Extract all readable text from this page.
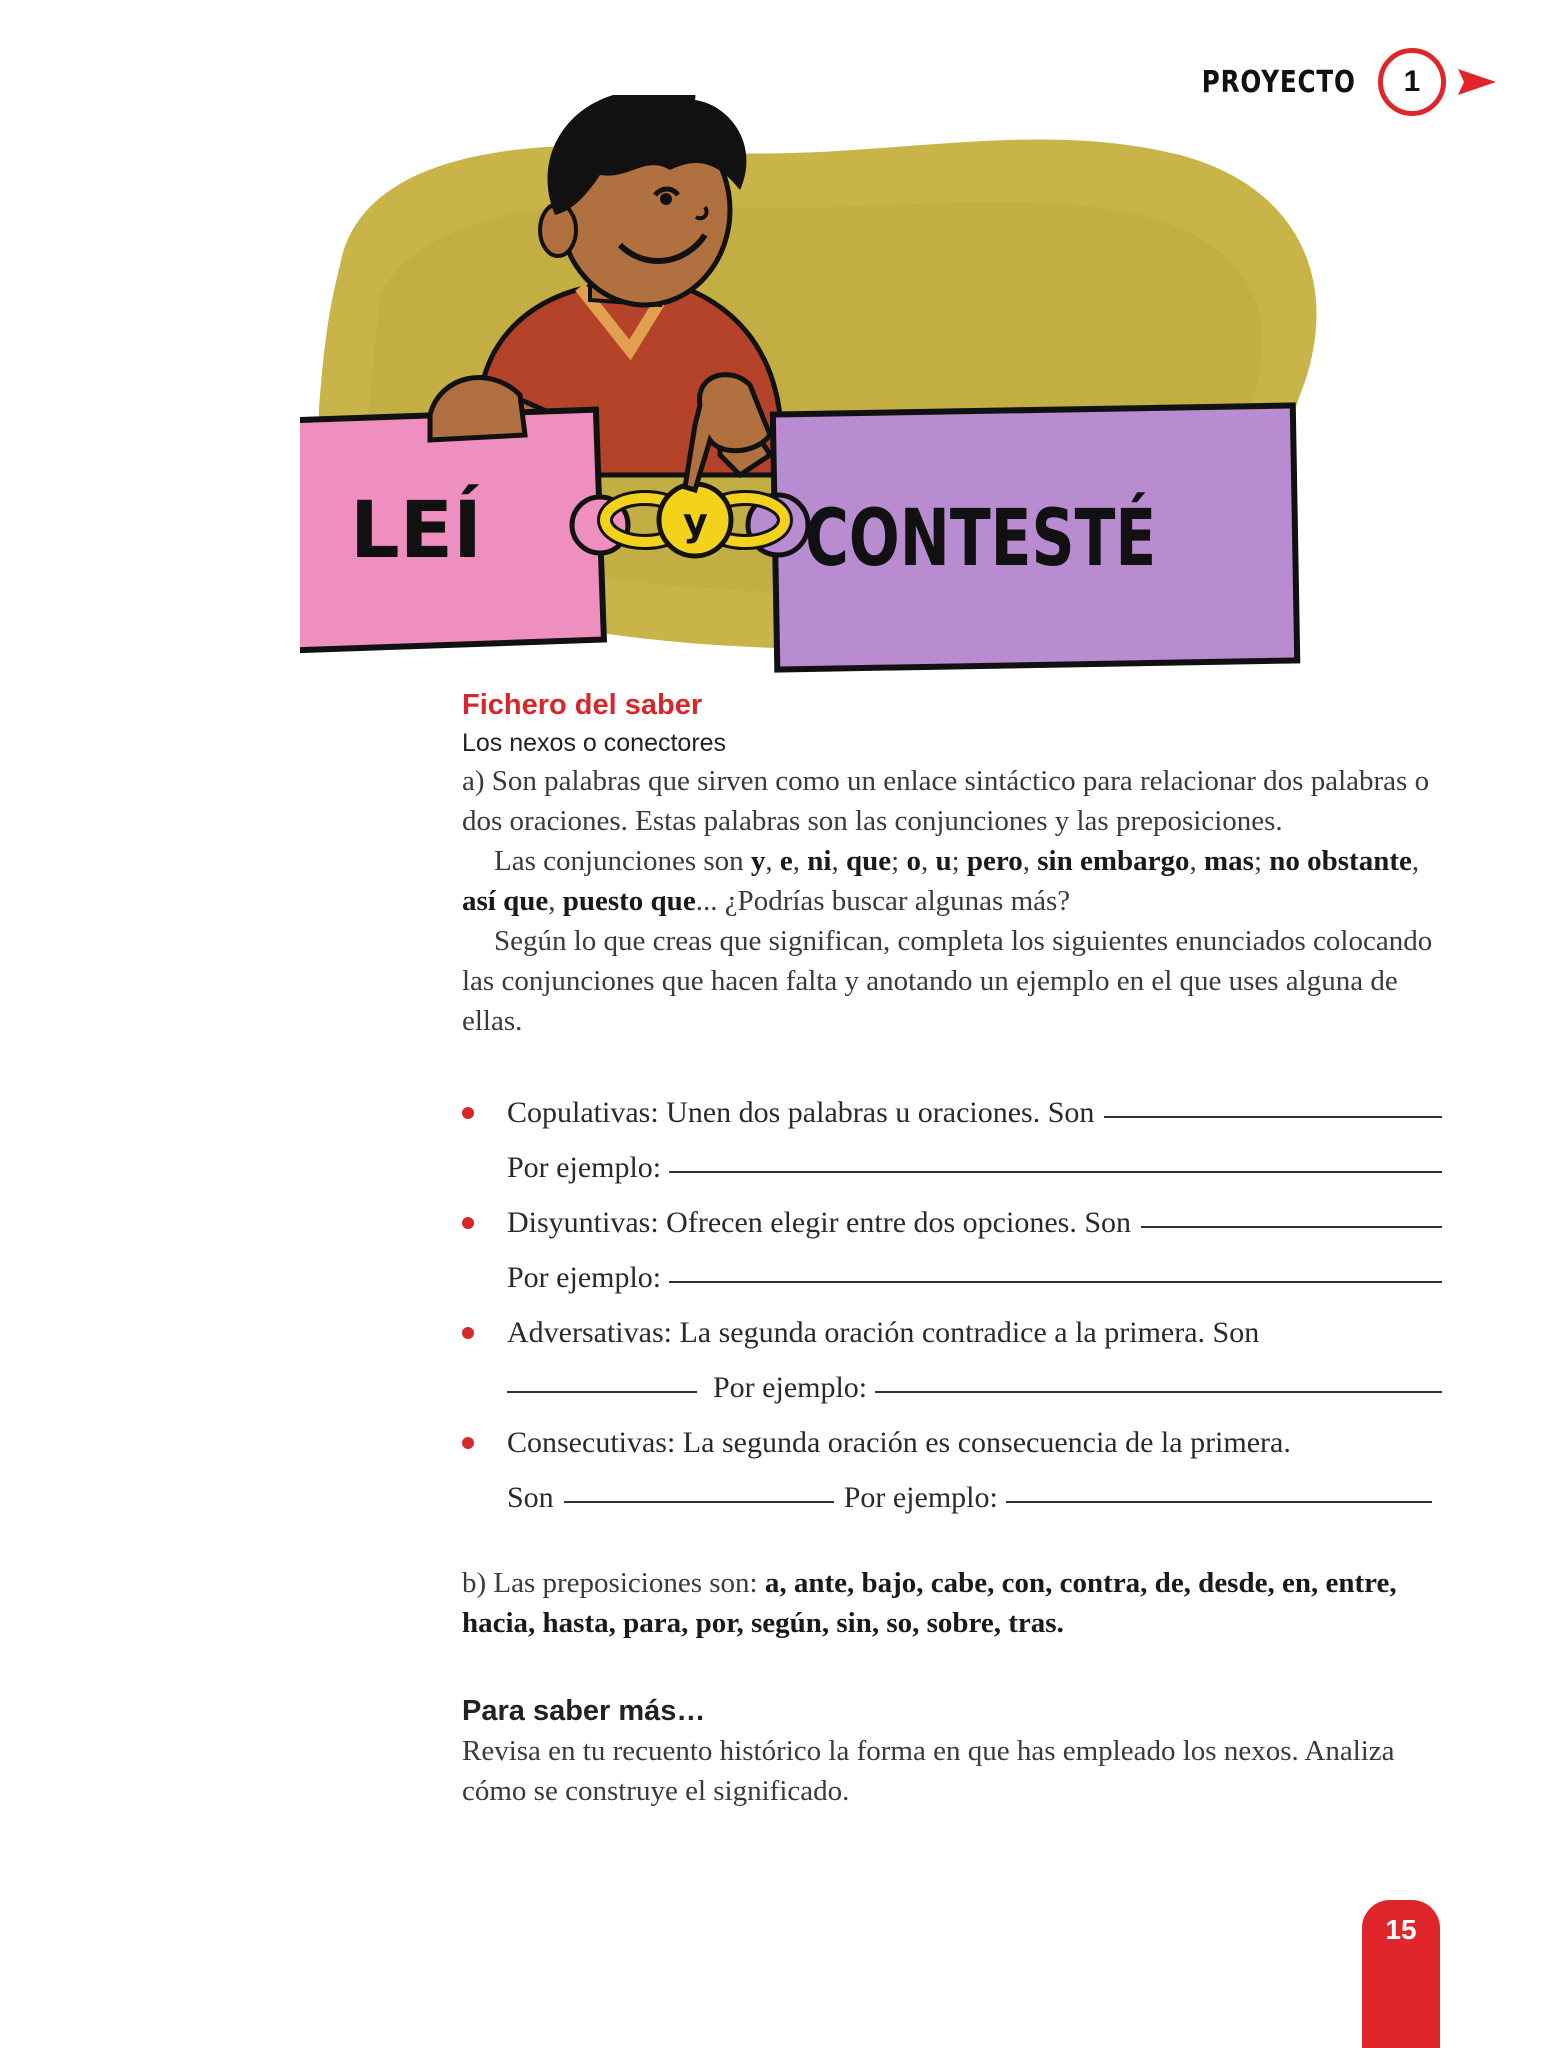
PROYECTO	1
LEÍ	CONTESTÉ
y
Fichero del saber

Los nexos o conectores

a) Son palabras que sirven como un enlace sintáctico para relacionar dos palabras o dos oraciones. Estas palabras son las conjunciones y las preposiciones.

Las conjunciones son y, e, ni, que; o, u; pero, sin embargo, mas; no obstante, así que, puesto que... ¿Podrías buscar algunas más?

Según lo que creas que significan, completa los siguientes enunciados colocando las conjunciones que hacen falta y anotando un ejemplo en el que uses alguna de ellas.

Copulativas: Unen dos palabras u oraciones. Son
Por ejemplo:
Disyuntivas: Ofrecen elegir entre dos opciones. Son
Por ejemplo:
Adversativas: La segunda oración contradice a la primera. Son
Por ejemplo:
Consecutivas: La segunda oración es consecuencia de la primera.
Son	Por ejemplo:

b) Las preposiciones son: a, ante, bajo, cabe, con, contra, de, desde, en, entre, hacia, hasta, para, por, según, sin, so, sobre, tras.

Para saber más…

Revisa en tu recuento histórico la forma en que has empleado los nexos. Analiza cómo se construye el significado.

15
